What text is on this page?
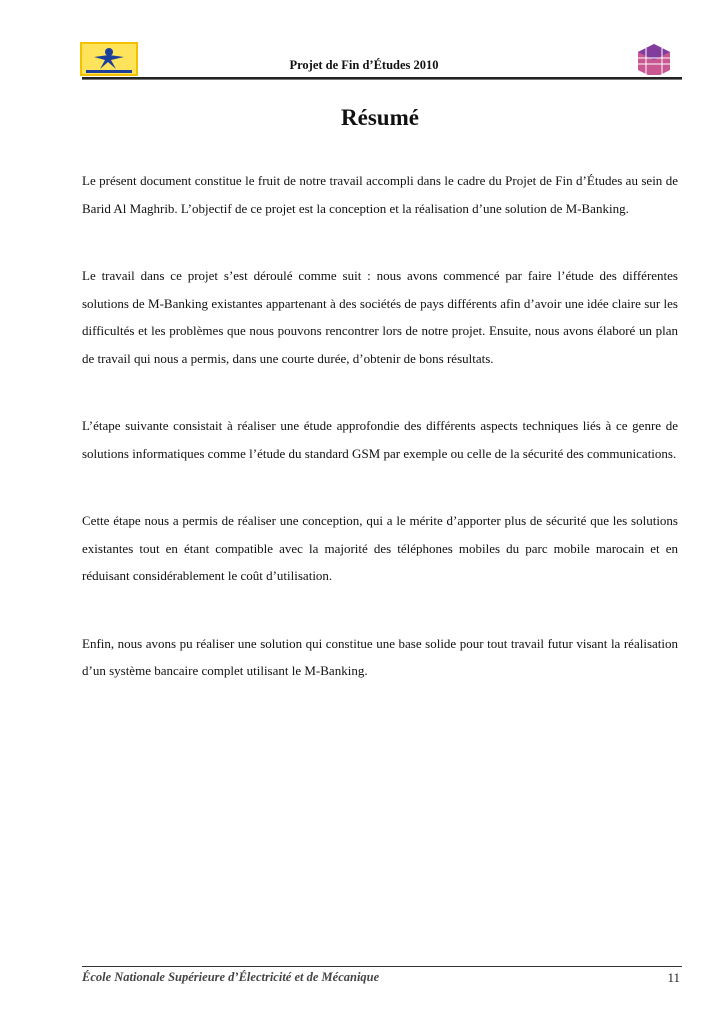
Projet de Fin d’Études 2010
Résumé

Le présent document constitue le fruit de notre travail accompli dans le cadre du Projet de Fin d’Études au sein de Barid Al Maghrib. L’objectif de ce projet est la conception et la réalisation d’une solution de M-Banking.

Le travail dans ce projet s’est déroulé comme suit : nous avons commencé par faire l’étude des différentes solutions de M-Banking existantes appartenant à des sociétés de pays différents afin d’avoir une idée claire sur les difficultés et les problèmes que nous pouvons rencontrer lors de notre projet. Ensuite, nous avons élaboré un plan de travail qui nous a permis, dans une courte durée, d’obtenir de bons résultats.

L’étape suivante consistait à réaliser une étude approfondie des différents aspects techniques liés à ce genre de solutions informatiques comme l’étude du standard GSM par exemple ou celle de la sécurité des communications.

Cette étape nous a permis de réaliser une conception, qui a le mérite d’apporter plus de sécurité que les solutions existantes tout en étant compatible avec la majorité des téléphones mobiles du parc mobile marocain et en réduisant considérablement le coût d’utilisation.

Enfin, nous avons pu réaliser une solution qui constitue une base solide pour tout travail futur visant la réalisation d’un système bancaire complet utilisant le M-Banking.

École Nationale Supérieure d’Électricité et de Mécanique	11
